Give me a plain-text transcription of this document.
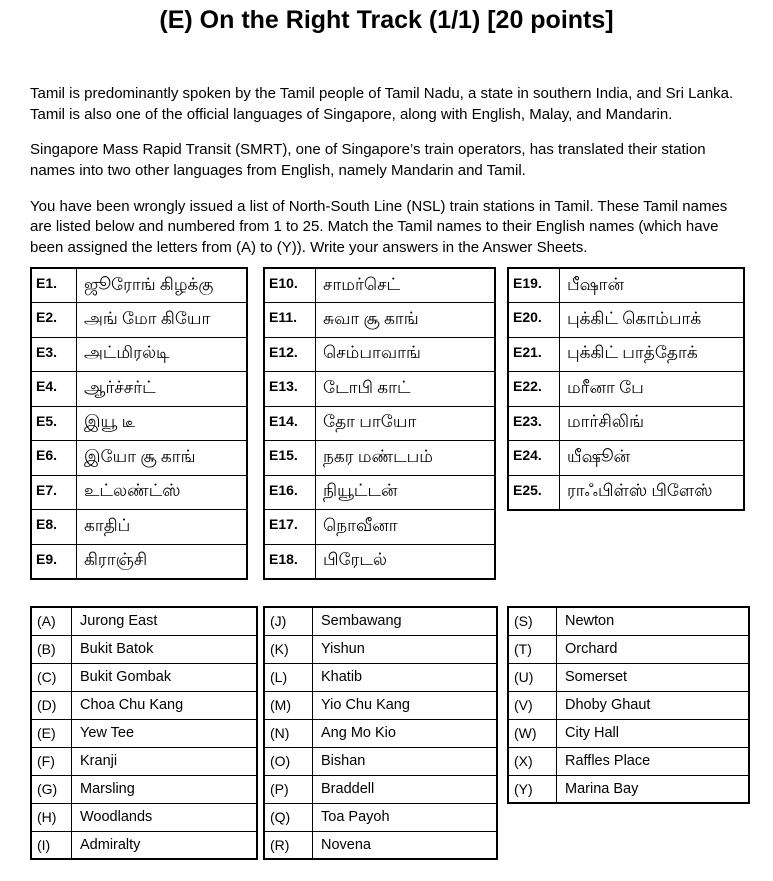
(E) On the Right Track (1/1) [20 points]

Tamil is predominantly spoken by the Tamil people of Tamil Nadu, a state in southern India, and Sri Lanka. Tamil is also one of the official languages of Singapore, along with English, Malay, and Mandarin.

Singapore Mass Rapid Transit (SMRT), one of Singapore’s train operators, has translated their station names into two other languages from English, namely Mandarin and Tamil.

You have been wrongly issued a list of North-South Line (NSL) train stations in Tamil. These Tamil names are listed below and numbered from 1 to 25. Match the Tamil names to their English names (which have been assigned the letters from (A) to (Y)). Write your answers in the Answer Sheets.

E1.	ஜூரோங் கிழக்கு
E2.	அங் மோ கியோ
E3.	அட்மிரல்டி
E4.	ஆர்ச்சர்ட்
E5.	இயூ டீ
E6.	இயோ சூ காங்
E7.	உட்லண்ட்ஸ்
E8.	காதிப்
E9.	கிராஞ்சி
E10.	சாமர்செட்
E11.	சுவா சூ காங்
E12.	செம்பாவாங்
E13.	டோபி காட்
E14.	தோ பாயோ
E15.	நகர மண்டபம்
E16.	நியூட்டன்
E17.	நொவீனா
E18.	பிரேடல்
E19.	பீஷான்
E20.	புக்கிட் கொம்பாக்
E21.	புக்கிட் பாத்தோக்
E22.	மரீனா பே
E23.	மார்சிலிங்
E24.	யீஷூன்
E25.	ராஃபிள்ஸ் பிளேஸ்
(A)	Jurong East
(B)	Bukit Batok
(C)	Bukit Gombak
(D)	Choa Chu Kang
(E)	Yew Tee
(F)	Kranji
(G)	Marsling
(H)	Woodlands
(I)	Admiralty
(J)	Sembawang
(K)	Yishun
(L)	Khatib
(M)	Yio Chu Kang
(N)	Ang Mo Kio
(O)	Bishan
(P)	Braddell
(Q)	Toa Payoh
(R)	Novena
(S)	Newton
(T)	Orchard
(U)	Somerset
(V)	Dhoby Ghaut
(W)	City Hall
(X)	Raffles Place
(Y)	Marina Bay
